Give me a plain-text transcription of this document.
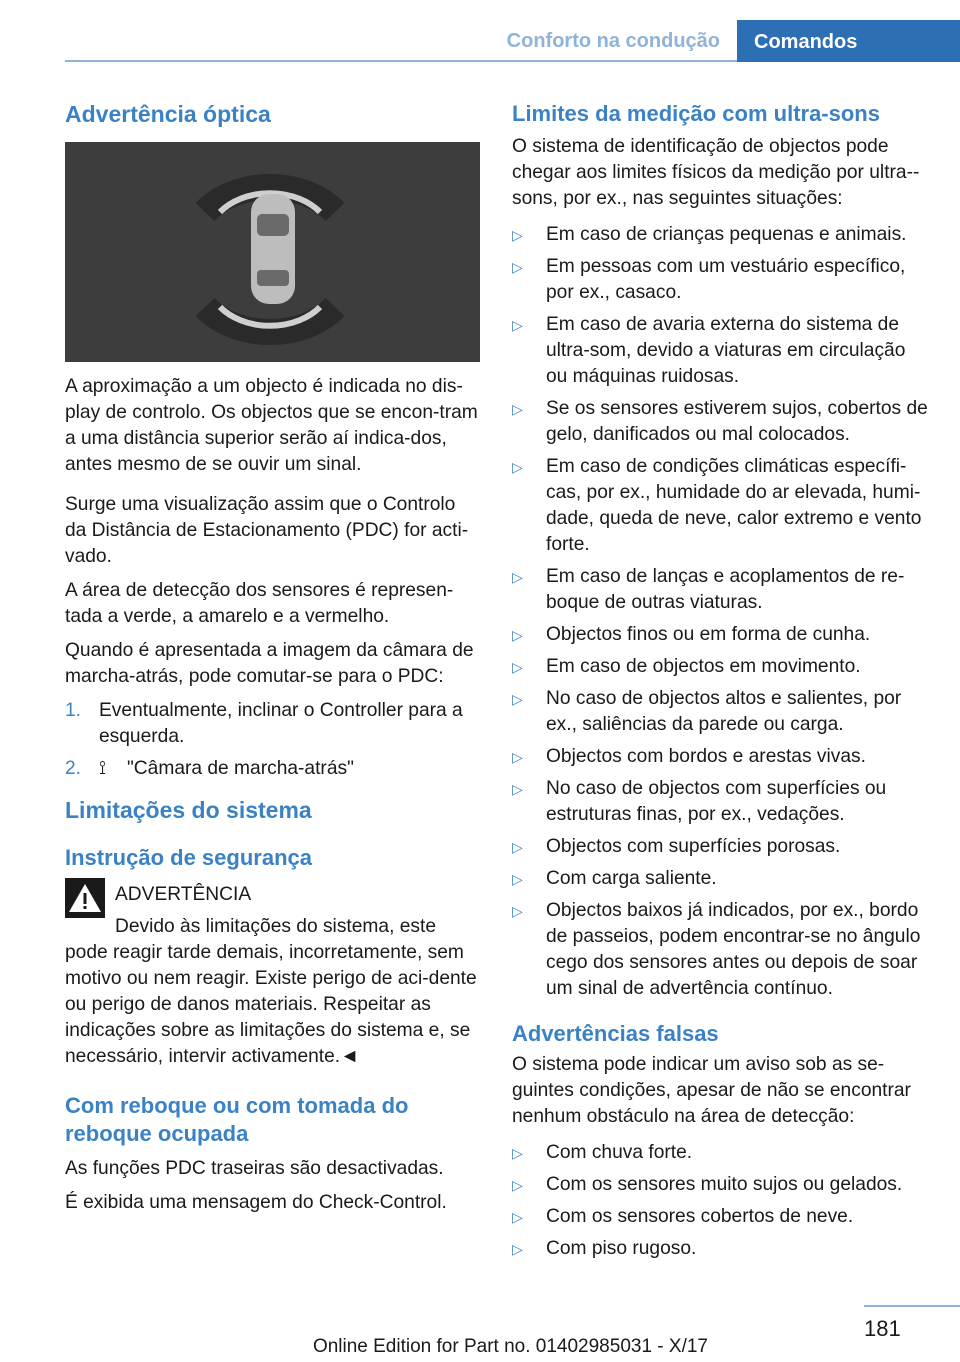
Conforto na condução	Comandos
Advertência óptica

A aproximação a um objecto é indicada no dis-play de controlo. Os objectos que se encon-tram a uma distância superior serão aí indica-dos, antes mesmo de se ouvir um sinal.

Surge uma visualização assim que o Controlo da Distância de Estacionamento (PDC) for acti-vado.

A área de detecção dos sensores é represen-tada a verde, a amarelo e a vermelho.

Quando é apresentada a imagem da câmara de marcha-atrás, pode comutar-se para o PDC:

1. Eventualmente, inclinar o Controller para a esquerda.
2. ⟟ "Câmara de marcha-atrás"
Limitações do sistema
Instrução de segurança

ADVERTÊNCIA

Devido às limitações do sistema, este pode reagir tarde demais, incorretamente, sem motivo ou nem reagir. Existe perigo de aci-dente ou perigo de danos materiais. Respeitar as indicações sobre as limitações do sistema e, se necessário, intervir activamente.◄

Com reboque ou com tomada do reboque ocupada

As funções PDC traseiras são desactivadas.

É exibida uma mensagem do Check-Control.

Limites da medição com ultra-sons

O sistema de identificação de objectos pode chegar aos limites físicos da medição por ultra--sons, por ex., nas seguintes situações:

▷ Em caso de crianças pequenas e animais.
▷ Em pessoas com um vestuário específico, por ex., casaco.
▷ Em caso de avaria externa do sistema de ultra-som, devido a viaturas em circulação ou máquinas ruidosas.
▷ Se os sensores estiverem sujos, cobertos de gelo, danificados ou mal colocados.
▷ Em caso de condições climáticas específi-cas, por ex., humidade do ar elevada, humi-dade, queda de neve, calor extremo e vento forte.
▷ Em caso de lanças e acoplamentos de re-boque de outras viaturas.
▷ Objectos finos ou em forma de cunha.
▷ Em caso de objectos em movimento.
▷ No caso de objectos altos e salientes, por ex., saliências da parede ou carga.
▷ Objectos com bordos e arestas vivas.
▷ No caso de objectos com superfícies ou estruturas finas, por ex., vedações.
▷ Objectos com superfícies porosas.
▷ Com carga saliente.
▷ Objectos baixos já indicados, por ex., bordo de passeios, podem encontrar-se no ângulo cego dos sensores antes ou depois de soar um sinal de advertência contínuo.
Advertências falsas

O sistema pode indicar um aviso sob as se-guintes condições, apesar de não se encontrar nenhum obstáculo na área de detecção:

▷ Com chuva forte.
▷ Com os sensores muito sujos ou gelados.
▷ Com os sensores cobertos de neve.
▷ Com piso rugoso.
181
Online Edition for Part no. 01402985031 - X/17
